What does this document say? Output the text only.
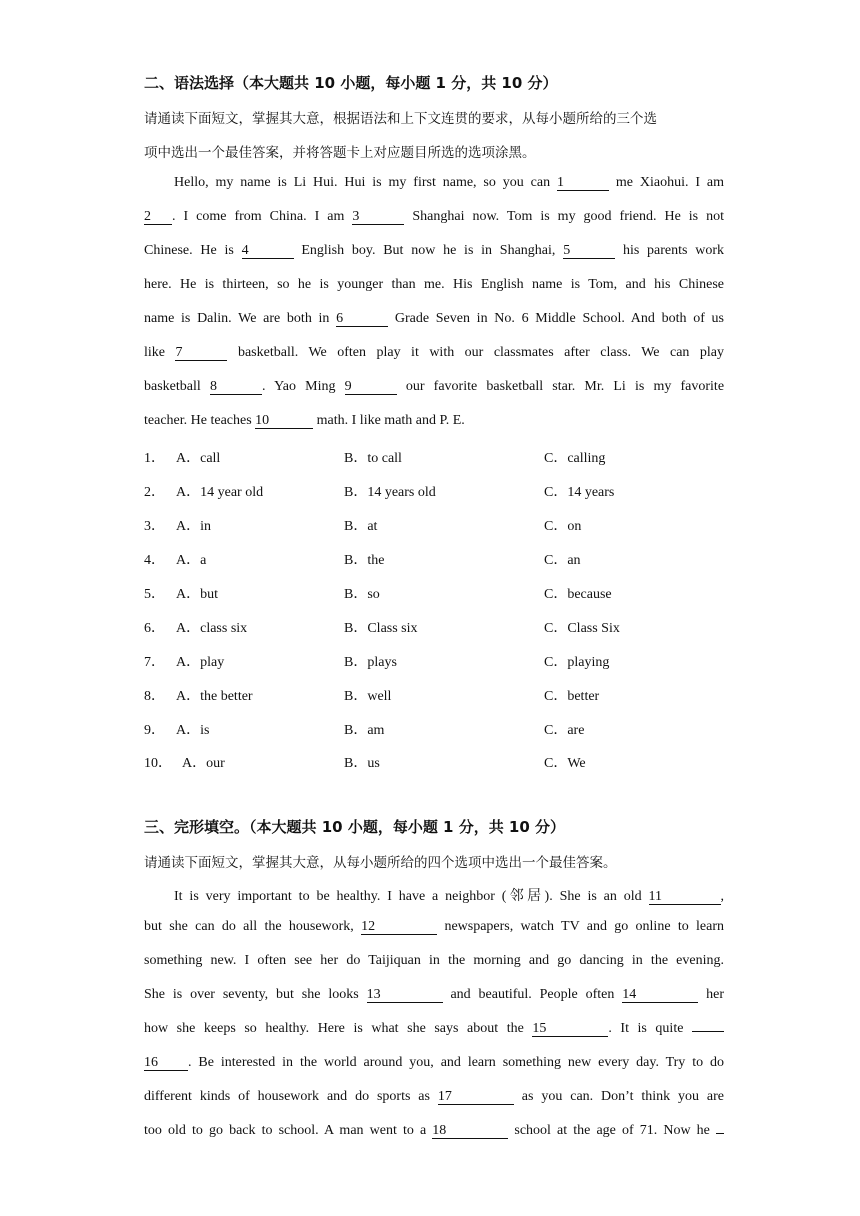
二、语法选择（本大题共 10 小题，每小题 1 分，共 10 分）
请通读下面短文，掌握其大意，根据语法和上下文连贯的要求，从每小题所给的三个选
项中选出一个最佳答案，并将答题卡上对应题目所选的选项涂黑。
Hello, my name is Li Hui. Hui is my first name, so you can 1	me Xiaohui. I am
2 . I come from China. I am 3	Shanghai now. Tom is my good friend. He is not
Chinese. He is 4	English boy. But now he is in Shanghai, 5	his parents work
here. He is thirteen, so he is younger than me. His English name is Tom, and his Chinese
name is Dalin. We are both in 6	Grade Seven in No. 6 Middle School. And both of us
like 7	basketball. We often play it with our classmates after class. We can play
basketball 8	. Yao Ming 9	our favorite basketball star. Mr. Li is my favorite
teacher. He teaches 10	math. I like math and P. E.
1． A．call	B．to call	C．calling
2． A．14 year old	B．14 years old	C．14 years
3． A．in	B．at	C．on
4． A．a	B．the	C．an
5． A．but	B．so	C．because
6． A．class six	B．Class six	C．Class Six
7． A．play	B．plays	C．playing
8． A．the better	B．well	C．better
9． A．is	B．am	C．are
10． A．our	B．us	C．We
三、完形填空。（本大题共 10 小题，每小题 1 分，共 10 分）
请通读下面短文，掌握其大意，从每小题所给的四个选项中选出一个最佳答案。
It is very important to be healthy. I have a neighbor (邻居). She is an old 11	,
but she can do all the housework, 12	newspapers, watch TV and go online to learn
something new. I often see her do Taijiquan in the morning and go dancing in the evening.
She is over seventy, but she looks 13	and beautiful. People often 14	her
how she keeps so healthy. Here is what she says about the 15	. It is quite
16 . Be interested in the world around you, and learn something new every day. Try to do
different kinds of housework and do sports as 17	as you can. Don’t think you are
too old to go back to school. A man went to a 18	school at the age of 71. Now he
